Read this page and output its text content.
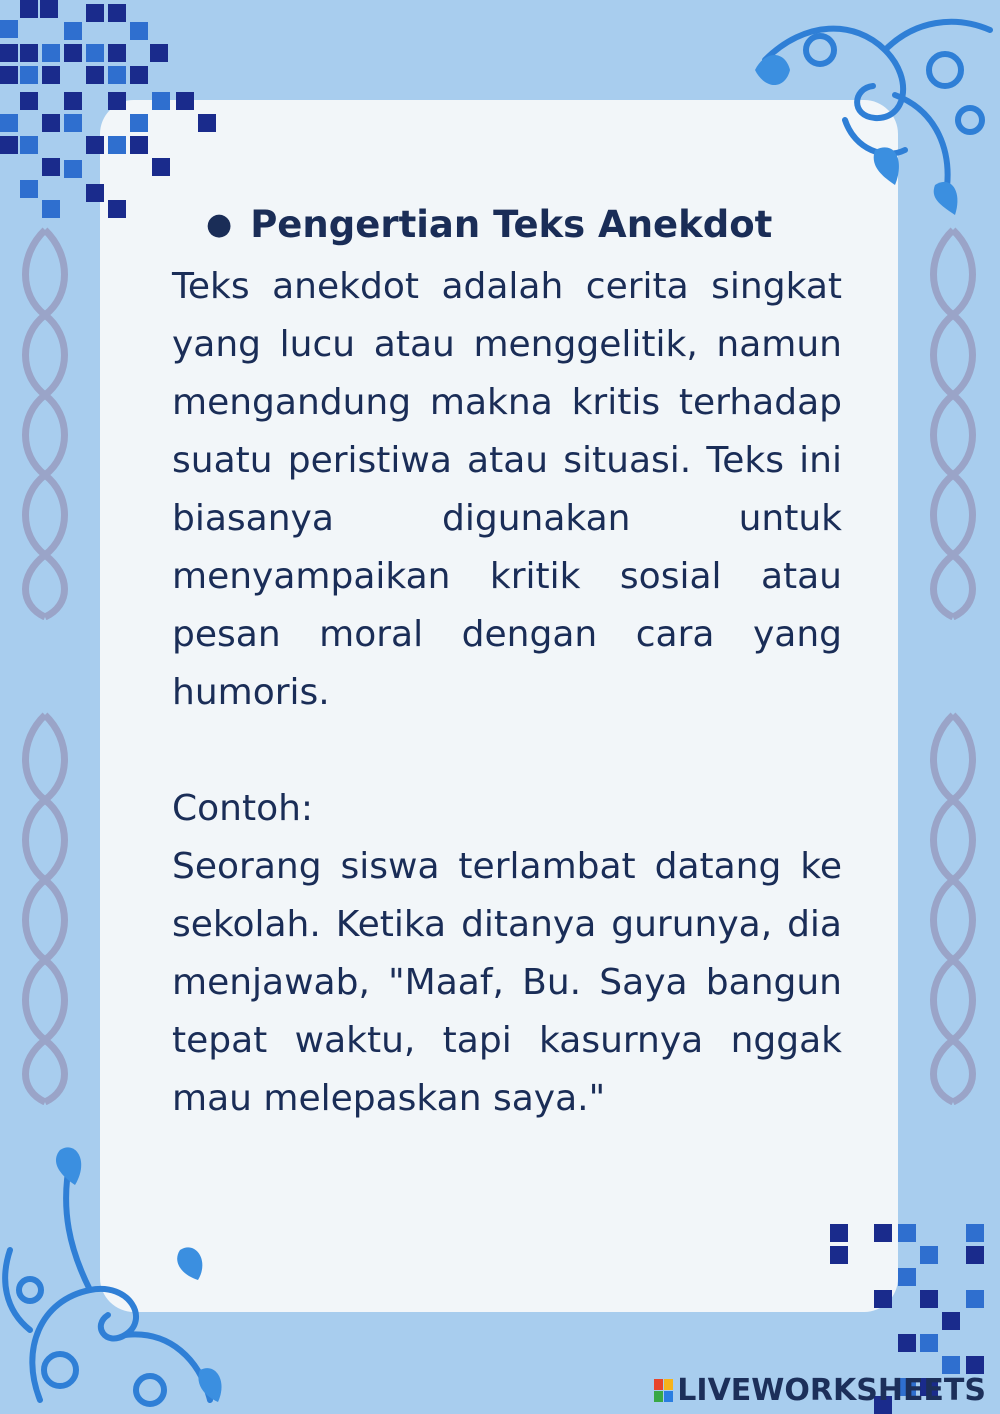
● Pengertian Teks Anekdot

Teks anekdot adalah cerita singkat yang lucu atau menggelitik, namun mengandung makna kritis terhadap suatu peristiwa atau situasi. Teks ini biasanya digunakan untuk menyampaikan kritik sosial atau pesan moral dengan cara yang humoris.

Contoh:

Seorang siswa terlambat datang ke sekolah. Ketika ditanya gurunya, dia menjawab, "Maaf, Bu. Saya bangun tepat waktu, tapi kasurnya nggak mau melepaskan saya."

LIVEWORKSHEETS
